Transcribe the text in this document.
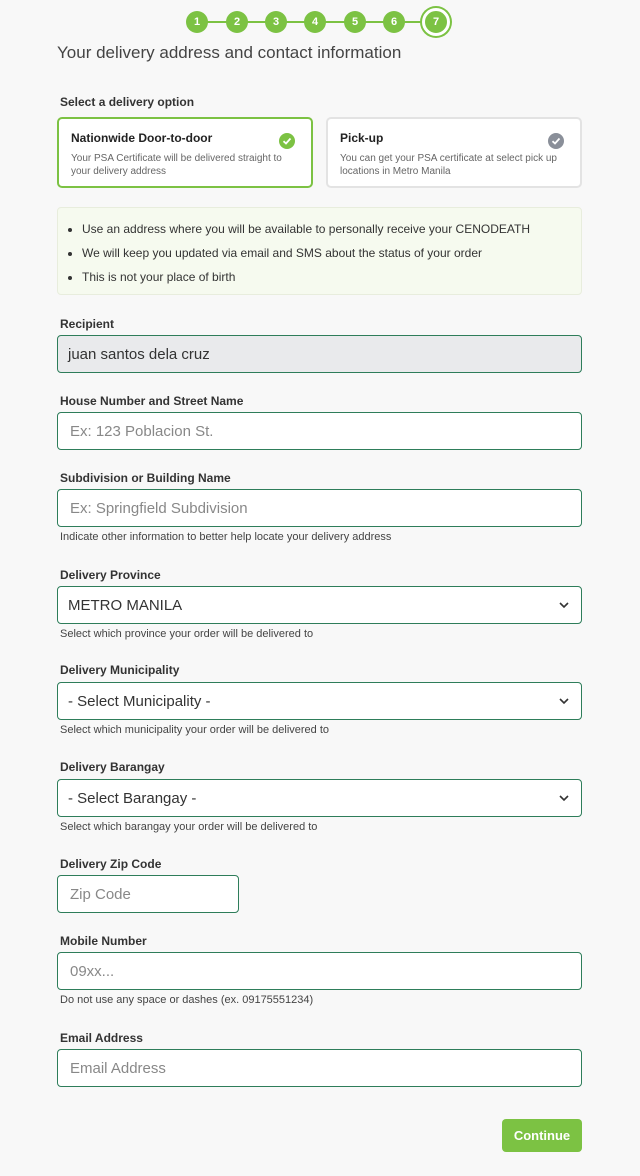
1	2	3	4	5	6	7
Your delivery address and contact information
Select a delivery option
Nationwide Door-to-door
Your PSA Certificate will be delivered straight to your delivery address
Pick-up
You can get your PSA certificate at select pick up locations in Metro Manila
• Use an address where you will be available to personally receive your CENODEATH
• We will keep you updated via email and SMS about the status of your order
• This is not your place of birth
Recipient
juan santos dela cruz
House Number and Street Name
Ex: 123 Poblacion St.
Subdivision or Building Name
Ex: Springfield Subdivision
Indicate other information to better help locate your delivery address
Delivery Province
METRO MANILA
Select which province your order will be delivered to
Delivery Municipality
- Select Municipality -
Select which municipality your order will be delivered to
Delivery Barangay
- Select Barangay -
Select which barangay your order will be delivered to
Delivery Zip Code
Zip Code
Mobile Number
09xx...
Do not use any space or dashes (ex. 09175551234)
Email Address
Email Address
Continue
